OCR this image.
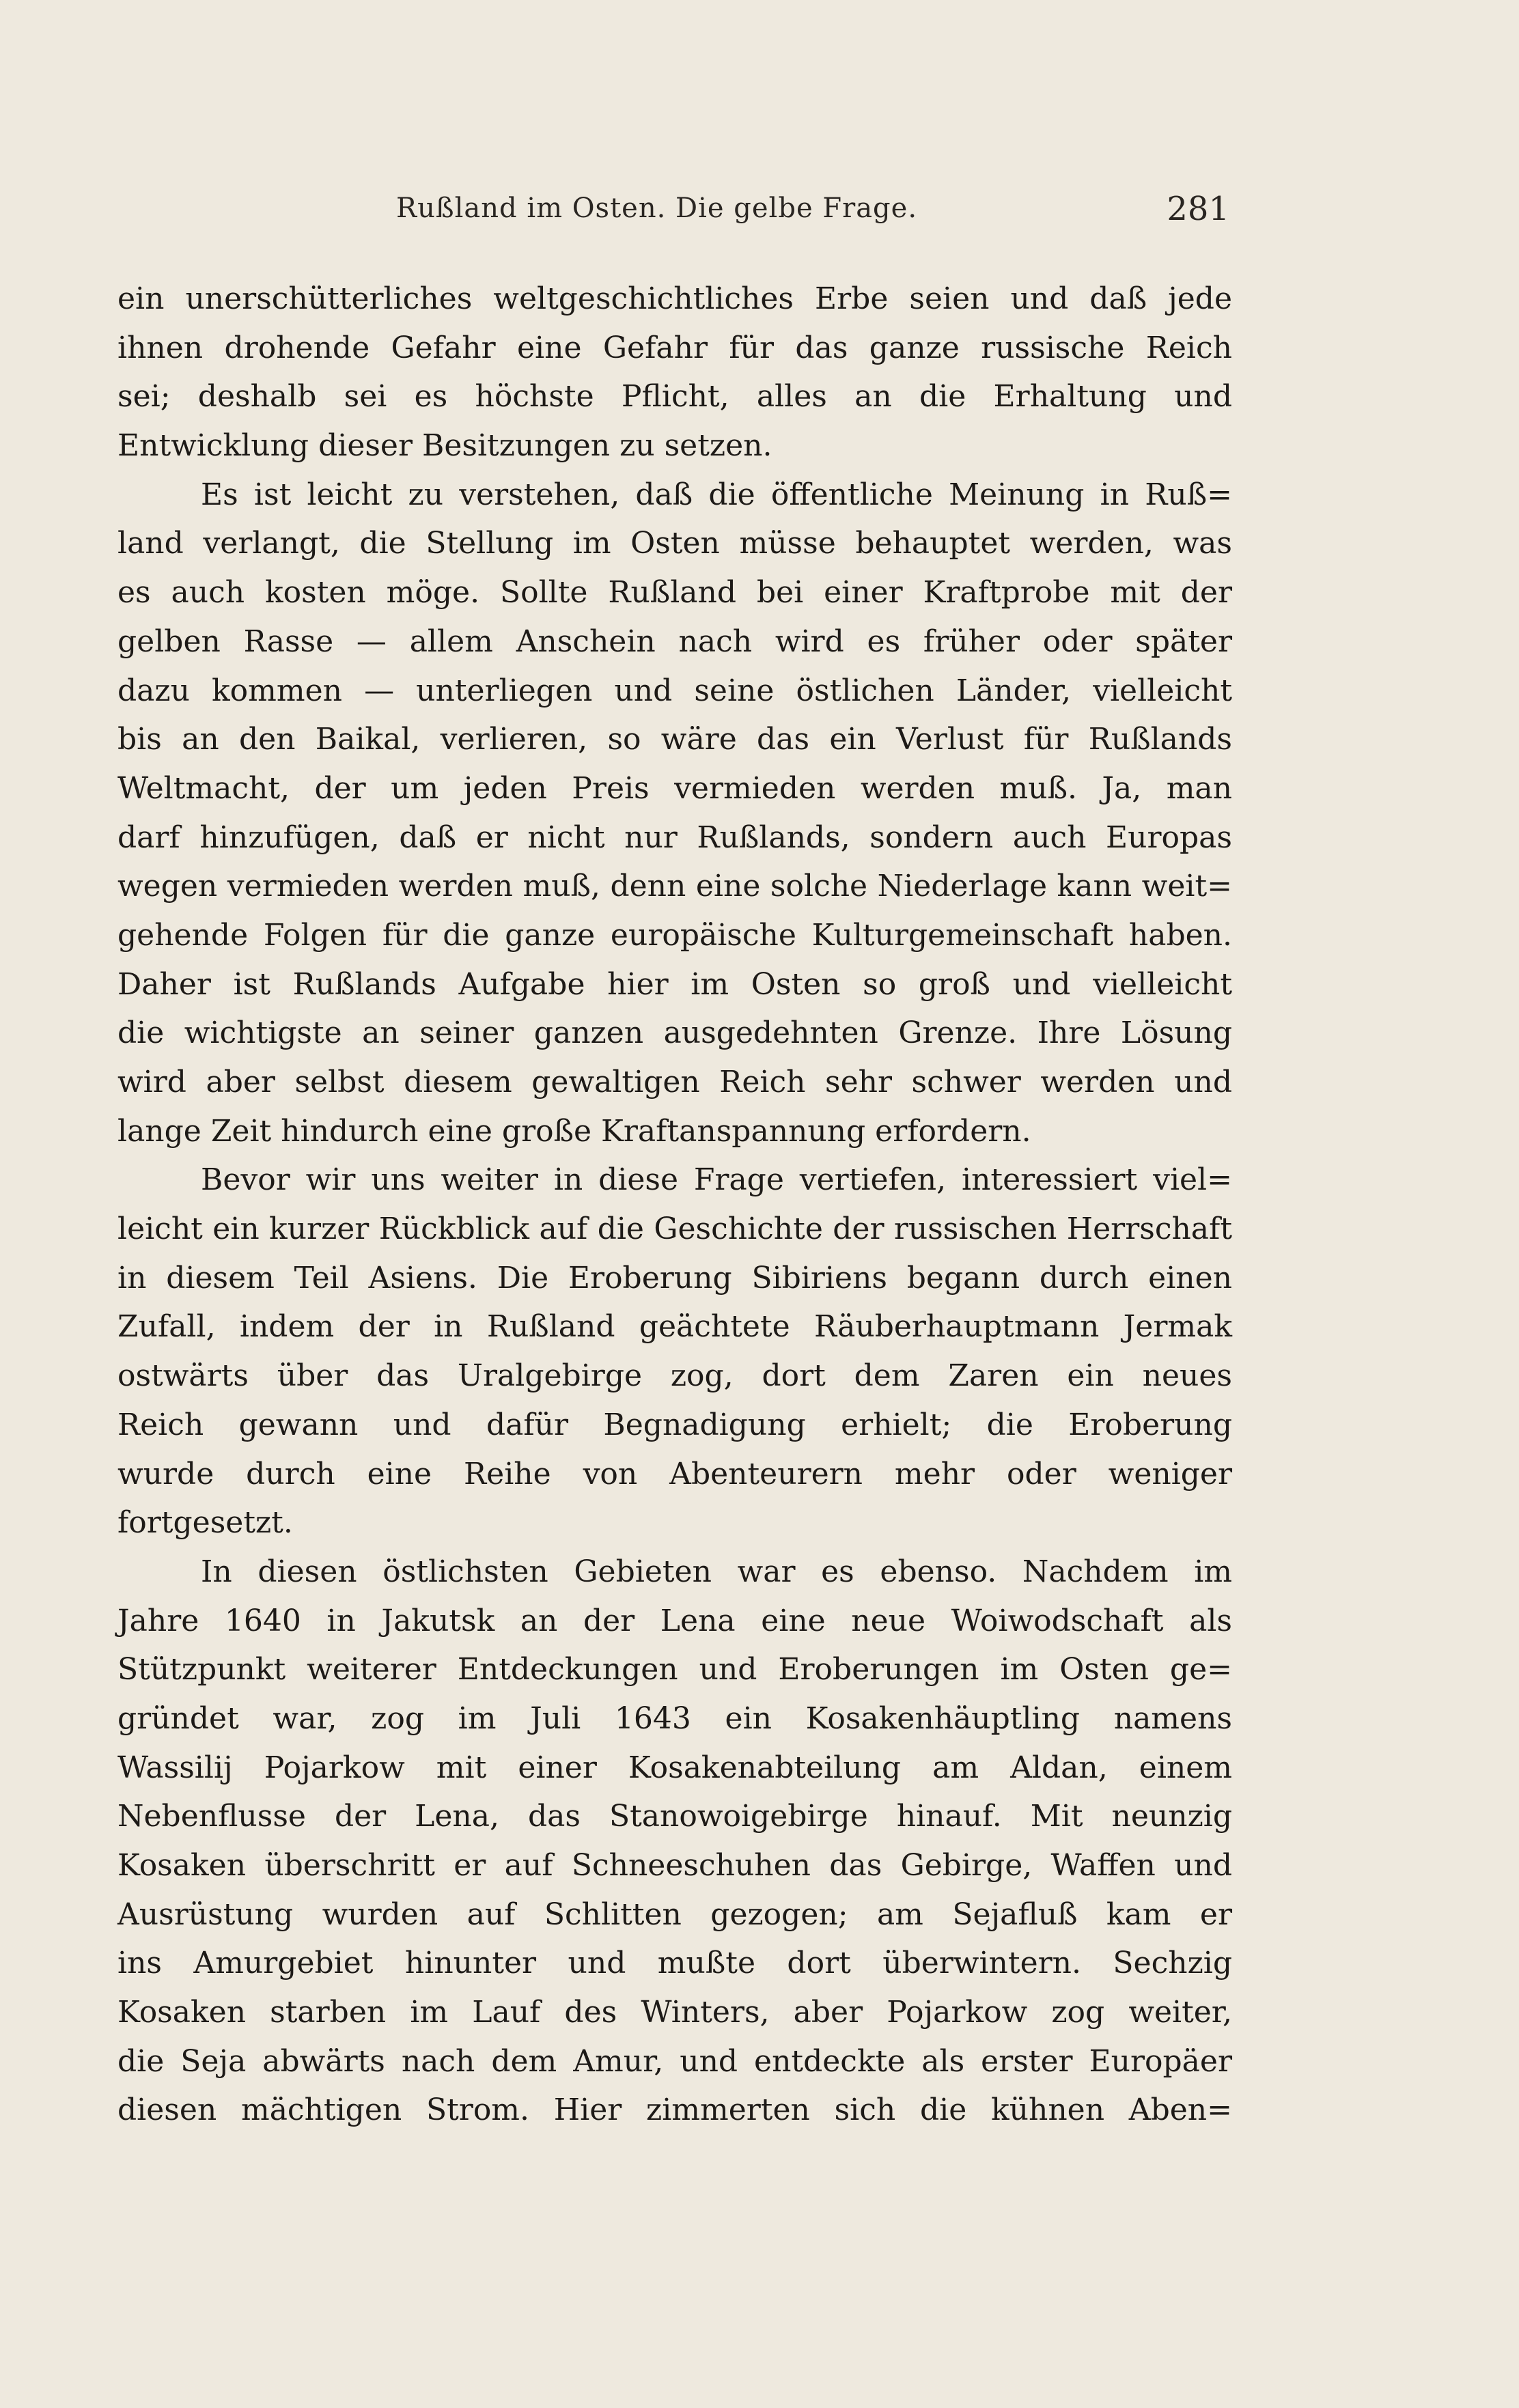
Rußland im Osten. Die gelbe Frage.	281
ein unerschütterliches weltgeschichtliches Erbe seien und daß jede
ihnen drohende Gefahr eine Gefahr für das ganze russische Reich
sei; deshalb sei es höchste Pflicht, alles an die Erhaltung und
Entwicklung dieser Besitzungen zu setzen.
Es ist leicht zu verstehen, daß die öffentliche Meinung in Ruß=
land verlangt, die Stellung im Osten müsse behauptet werden, was
es auch kosten möge. Sollte Rußland bei einer Kraftprobe mit der
gelben Rasse — allem Anschein nach wird es früher oder später
dazu kommen — unterliegen und seine östlichen Länder, vielleicht
bis an den Baikal, verlieren, so wäre das ein Verlust für Rußlands
Weltmacht, der um jeden Preis vermieden werden muß. Ja, man
darf hinzufügen, daß er nicht nur Rußlands, sondern auch Europas
wegen vermieden werden muß, denn eine solche Niederlage kann weit=
gehende Folgen für die ganze europäische Kulturgemeinschaft haben.
Daher ist Rußlands Aufgabe hier im Osten so groß und vielleicht
die wichtigste an seiner ganzen ausgedehnten Grenze. Ihre Lösung
wird aber selbst diesem gewaltigen Reich sehr schwer werden und
lange Zeit hindurch eine große Kraftanspannung erfordern.
Bevor wir uns weiter in diese Frage vertiefen, interessiert viel=
leicht ein kurzer Rückblick auf die Geschichte der russischen Herrschaft
in diesem Teil Asiens. Die Eroberung Sibiriens begann durch einen
Zufall, indem der in Rußland geächtete Räuberhauptmann Jermak
ostwärts über das Uralgebirge zog, dort dem Zaren ein neues
Reich gewann und dafür Begnadigung erhielt; die Eroberung
wurde durch eine Reihe von Abenteurern mehr oder weniger
fortgesetzt.
In diesen östlichsten Gebieten war es ebenso. Nachdem im
Jahre 1640 in Jakutsk an der Lena eine neue Woiwodschaft als
Stützpunkt weiterer Entdeckungen und Eroberungen im Osten ge=
gründet war, zog im Juli 1643 ein Kosakenhäuptling namens
Wassilij Pojarkow mit einer Kosakenabteilung am Aldan, einem
Nebenflusse der Lena, das Stanowoigebirge hinauf. Mit neunzig
Kosaken überschritt er auf Schneeschuhen das Gebirge, Waffen und
Ausrüstung wurden auf Schlitten gezogen; am Sejafluß kam er
ins Amurgebiet hinunter und mußte dort überwintern. Sechzig
Kosaken starben im Lauf des Winters, aber Pojarkow zog weiter,
die Seja abwärts nach dem Amur, und entdeckte als erster Europäer
diesen mächtigen Strom. Hier zimmerten sich die kühnen Aben=
